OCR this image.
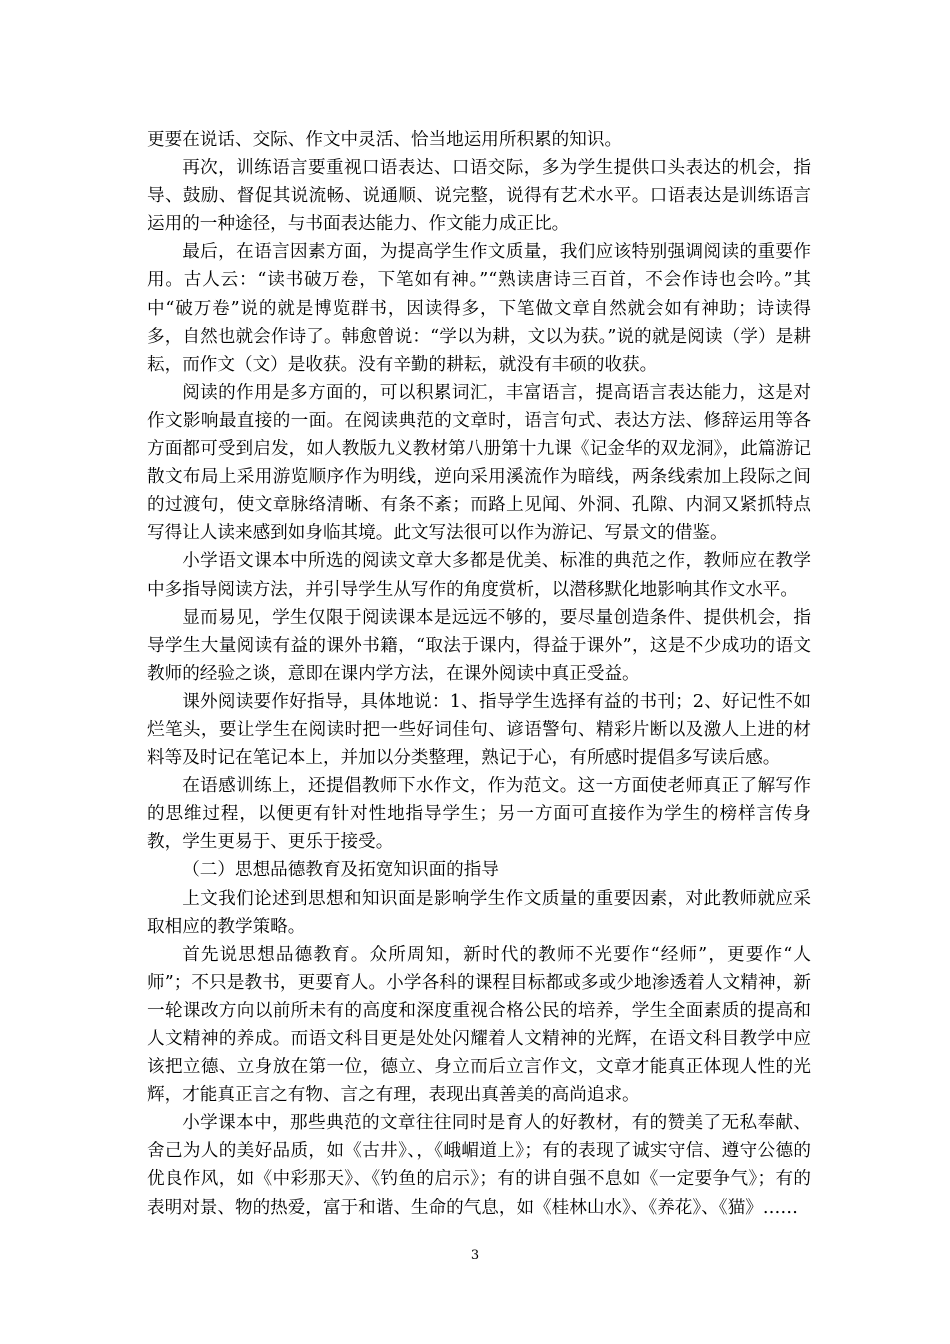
更要在说话、交际、作文中灵活、恰当地运用所积累的知识。

再次，训练语言要重视口语表达、口语交际，多为学生提供口头表达的机会，指导、鼓励、督促其说流畅、说通顺、说完整，说得有艺术水平。口语表达是训练语言运用的一种途径，与书面表达能力、作文能力成正比。

最后，在语言因素方面，为提高学生作文质量，我们应该特别强调阅读的重要作用。古人云：“读书破万卷，下笔如有神。”“熟读唐诗三百首，不会作诗也会吟。”其中“破万卷”说的就是博览群书，因读得多，下笔做文章自然就会如有神助；诗读得多，自然也就会作诗了。韩愈曾说：“学以为耕，文以为获。”说的就是阅读（学）是耕耘，而作文（文）是收获。没有辛勤的耕耘，就没有丰硕的收获。

阅读的作用是多方面的，可以积累词汇，丰富语言，提高语言表达能力，这是对作文影响最直接的一面。在阅读典范的文章时，语言句式、表达方法、修辞运用等各方面都可受到启发，如人教版九义教材第八册第十九课《记金华的双龙洞》，此篇游记散文布局上采用游览顺序作为明线，逆向采用溪流作为暗线，两条线索加上段际之间的过渡句，使文章脉络清晰、有条不紊；而路上见闻、外洞、孔隙、内洞又紧抓特点写得让人读来感到如身临其境。此文写法很可以作为游记、写景文的借鉴。

小学语文课本中所选的阅读文章大多都是优美、标准的典范之作，教师应在教学中多指导阅读方法，并引导学生从写作的角度赏析，以潜移默化地影响其作文水平。

显而易见，学生仅限于阅读课本是远远不够的，要尽量创造条件、提供机会，指导学生大量阅读有益的课外书籍，“取法于课内，得益于课外”，这是不少成功的语文教师的经验之谈，意即在课内学方法，在课外阅读中真正受益。

课外阅读要作好指导，具体地说：1、指导学生选择有益的书刊；2、好记性不如烂笔头，要让学生在阅读时把一些好词佳句、谚语警句、精彩片断以及激人上进的材料等及时记在笔记本上，并加以分类整理，熟记于心，有所感时提倡多写读后感。

在语感训练上，还提倡教师下水作文，作为范文。这一方面使老师真正了解写作的思维过程，以便更有针对性地指导学生；另一方面可直接作为学生的榜样言传身教，学生更易于、更乐于接受。

（二）思想品德教育及拓宽知识面的指导

上文我们论述到思想和知识面是影响学生作文质量的重要因素，对此教师就应采取相应的教学策略。

首先说思想品德教育。众所周知，新时代的教师不光要作“经师”，更要作“人师”；不只是教书，更要育人。小学各科的课程目标都或多或少地渗透着人文精神，新一轮课改方向以前所未有的高度和深度重视合格公民的培养，学生全面素质的提高和人文精神的养成。而语文科目更是处处闪耀着人文精神的光辉，在语文科目教学中应该把立德、立身放在第一位，德立、身立而后立言作文，文章才能真正体现人性的光辉，才能真正言之有物、言之有理，表现出真善美的高尚追求。

小学课本中，那些典范的文章往往同时是育人的好教材，有的赞美了无私奉献、舍己为人的美好品质，如《古井》、，《峨嵋道上》；有的表现了诚实守信、遵守公德的优良作风，如《中彩那天》、《钓鱼的启示》；有的讲自强不息如《一定要争气》；有的表明对景、物的热爱，富于和谐、生命的气息，如《桂林山水》、《养花》、《猫》……

3
